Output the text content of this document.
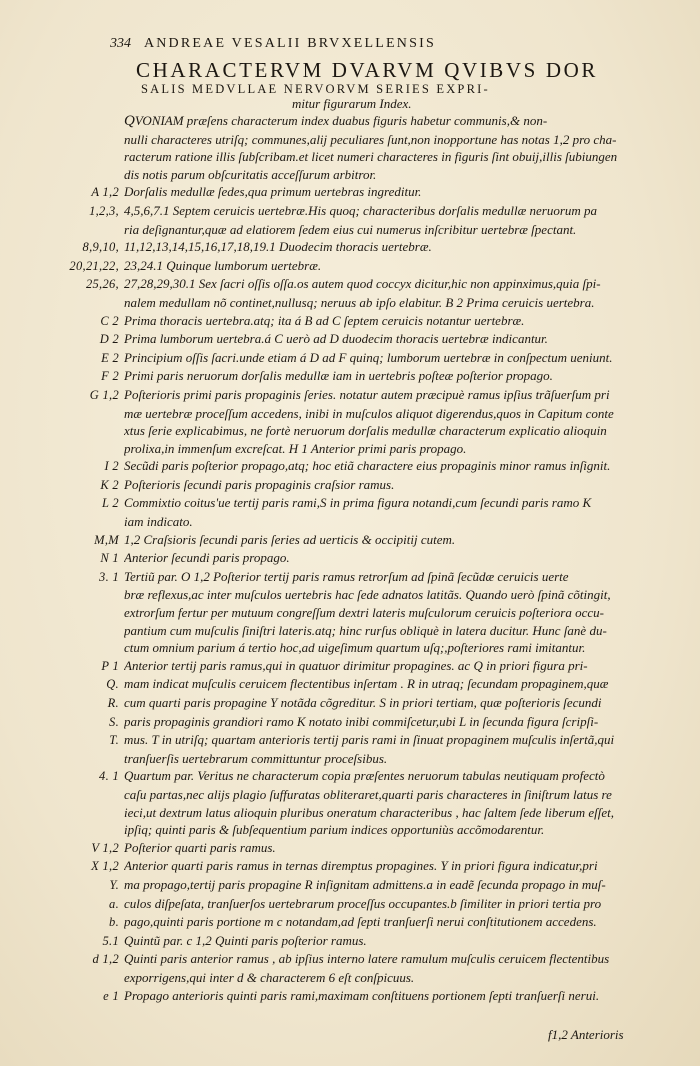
334 ANDREAE VESALII BRVXELLENSIS
CHARACTERVM DVARVM QVIBVS DOR
SALIS MEDVLLAE NERVORVM SERIES EXPRI-
mitur figurarum Index.
QVONIAM præſens characterum index duabus figuris habetur communis,& non-
nulli characteres utriſq; communes,alij peculiares ſunt,non inopportune has notas 1,2 pro cha-
racterum ratione illis ſubſcribam.et licet numeri characteres in figuris ſint obuij,illis ſubiungen
dis notis parum obſcuritatis acceſſurum arbitror.
A 1,2 Dorſalis medullæ ſedes,qua primum uertebras ingreditur.
1,2,3, 4,5,6,7.1 Septem ceruicis uertebræ.His quoq; characteribus dorſalis medullæ neruorum pa
ria deſignantur,quæ ad elatiorem ſedem eius cui numerus inſcribitur uertebræ ſpectant.
8,9,10, 11,12,13,14,15,16,17,18,19.1 Duodecim thoracis uertebræ.
20,21,22, 23,24.1 Quinque lumborum uertebræ.
25,26, 27,28,29,30.1 Sex ſacri oſſis oſſa.os autem quod coccyx dicitur,hic non appinximus,quia ſpi-
nalem medullam nõ continet,nullusq; neruus ab ipſo elabitur. B 2 Prima ceruicis uertebra.
C 2 Prima thoracis uertebra.atq; ita á B ad C ſeptem ceruicis notantur uertebræ.
D 2 Prima lumborum uertebra.á C uerò ad D duodecim thoracis uertebræ indicantur.
E 2 Principium oſſis ſacri.unde etiam á D ad F quinq; lumborum uertebræ in conſpectum ueniunt.
F 2 Primi paris neruorum dorſalis medullæ iam in uertebris poſteæ poſterior propago.
G 1,2 Poſterioris primi paris propaginis ſeries. notatur autem præcipuè ramus ipſius trãſuerſum pri
mæ uertebræ proceſſum accedens, inibi in muſculos aliquot digerendus,quos in Capitum conte
xtus ſerie explicabimus, ne fortè neruorum dorſalis medullæ characterum explicatio alioquin
prolixa,in immenſum excreſcat. H 1 Anterior primi paris propago.
I 2 Secũdi paris poſterior propago,atq; hoc etiã charactere eius propaginis minor ramus inſignit.
K 2 Poſterioris ſecundi paris propaginis craſsior ramus.
L 2 Commixtio coitus'ue tertij paris rami,S in prima figura notandi,cum ſecundi paris ramo K
iam indicato.
M,M 1,2 Craſsioris ſecundi paris ſeries ad uerticis & occipitij cutem.
N 1 Anterior ſecundi paris propago.
3. 1 Tertiũ par. O 1,2 Poſterior tertij paris ramus retrorſum ad ſpinã ſecũdæ ceruicis uerte
bræ reflexus,ac inter muſculos uertebris hac ſede adnatos latitãs. Quando uerò ſpinã cõtingit,
extrorſum fertur per mutuum congreſſum dextri lateris muſculorum ceruicis poſteriora occu-
pantium cum muſculis ſiniſtri lateris.atq; hinc rurſus obliquè in latera ducitur. Hunc ſanè du-
ctum omnium parium á tertio hoc,ad uigeſimum quartum uſq;,poſteriores rami imitantur.
P 1 Anterior tertij paris ramus,qui in quatuor dirimitur propagines. ac Q in priori figura pri-
Q. mam indicat muſculis ceruicem flectentibus inſertam . R in utraq; ſecundam propaginem,quæ
R. cum quarti paris propagine Y notãda cõgreditur. S in priori tertiam, quæ poſterioris ſecundi
S. paris propaginis grandiori ramo K notato inibi commiſcetur,ubi L in ſecunda figura ſcripſi-
T. mus. T in utriſq; quartam anterioris tertij paris rami in ſinuat propaginem muſculis inſertã,qui
tranſuerſis uertebrarum committuntur proceſsibus.
4. 1 Quartum par. Veritus ne characterum copia præſentes neruorum tabulas neutiquam profectò
caſu partas,nec alijs plagio ſuffuratas obliteraret,quarti paris characteres in ſiniſtrum latus re
ieci,ut dextrum latus alioquin pluribus oneratum characteribus , hac ſaltem ſede liberum eſſet,
ipſiq; quinti paris & ſubſequentium parium indices opportuniùs accõmodarentur.
V 1,2 Poſterior quarti paris ramus.
X 1,2 Anterior quarti paris ramus in ternas diremptus propagines. Y in priori figura indicatur,pri
Y. ma propago,tertij paris propagine R inſignitam admittens.a in eadẽ ſecunda propago in muſ-
a. culos diſpeſata, tranſuerſos uertebrarum proceſſus occupantes.b ſimiliter in priori tertia pro
b. pago,quinti paris portione m c notandam,ad ſepti tranſuerſi nerui conſtitutionem accedens.
5.1 Quintũ par. c 1,2 Quinti paris poſterior ramus.
d 1,2 Quinti paris anterior ramus , ab ipſius interno latere ramulum muſculis ceruicem flectentibus
exporrigens,qui inter d & characterem 6 eſt conſpicuus.
e 1 Propago anterioris quinti paris rami,maximam conſtituens portionem ſepti tranſuerſi nerui.
f1,2 Anterioris
